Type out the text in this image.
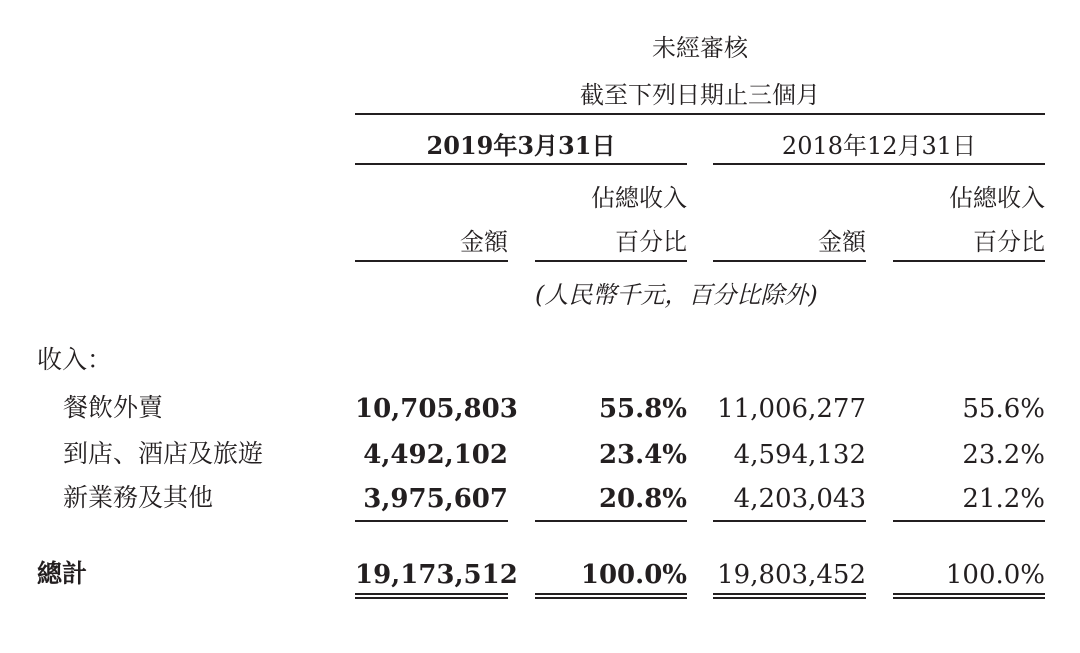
未經審核
截至下列日期止三個月
2019年3月31日	2018年12月31日
佔總收入	佔總收入
金額	百分比	金額	百分比
(人民幣千元，百分比除外)
收入：
餐飲外賣	10,705,803	55.8% 11,006,277	55.6%
到店、酒店及旅遊	4,492,102	23.4%	4,594,132	23.2%
新業務及其他	3,975,607	20.8%	4,203,043	21.2%
總計	19,173,512	100.0% 19,803,452	100.0%
